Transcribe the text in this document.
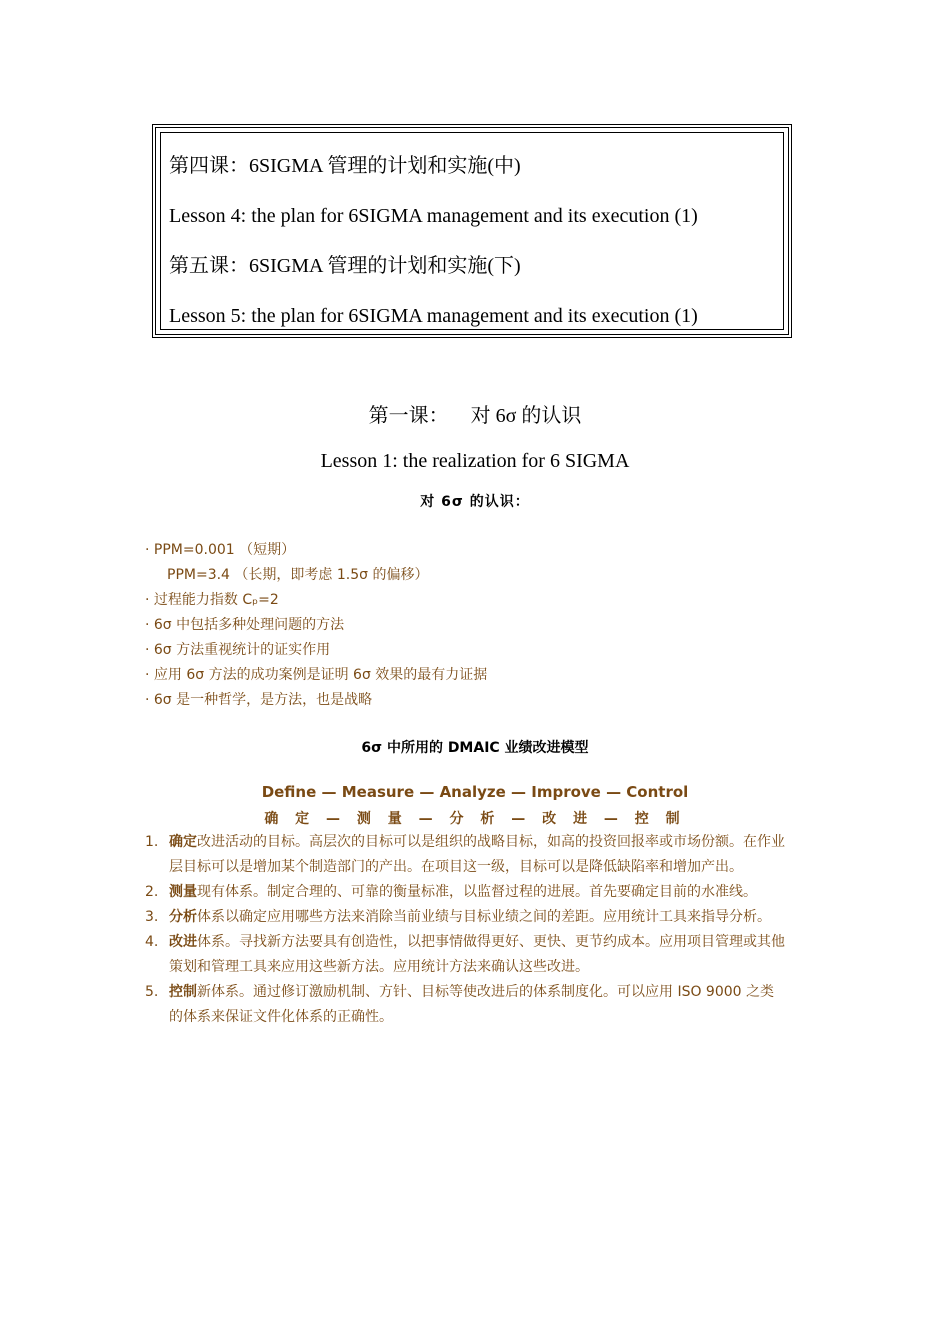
第四课：6SIGMA 管理的计划和实施(中)
Lesson 4: the plan for 6SIGMA management and its execution (1)
第五课：6SIGMA 管理的计划和实施(下)
Lesson 5: the plan for 6SIGMA management and its execution (1)
第一课： 对 6σ 的认识
Lesson 1: the realization for 6 SIGMA
对 6σ 的认识：
· PPM=0.001 （短期）
PPM=3.4 （长期，即考虑 1.5σ 的偏移）
· 过程能力指数 Cₚ=2
· 6σ 中包括多种处理问题的方法
· 6σ 方法重视统计的证实作用
· 应用 6σ 方法的成功案例是证明 6σ 效果的最有力证据
· 6σ 是一种哲学，是方法，也是战略
6σ 中所用的 DMAIC 业绩改进模型
Define — Measure — Analyze — Improve — Control
确 定 — 测 量 — 分 析 — 改 进 — 控 制
1. 确定改进活动的目标。高层次的目标可以是组织的战略目标，如高的投资回报率或市场份额。在作业层目标可以是增加某个制造部门的产出。在项目这一级，目标可以是降低缺陷率和增加产出。
2. 测量现有体系。制定合理的、可靠的衡量标准，以监督过程的进展。首先要确定目前的水准线。
3. 分析体系以确定应用哪些方法来消除当前业绩与目标业绩之间的差距。应用统计工具来指导分析。
4. 改进体系。寻找新方法要具有创造性，以把事情做得更好、更快、更节约成本。应用项目管理或其他策划和管理工具来应用这些新方法。应用统计方法来确认这些改进。
5. 控制新体系。通过修订激励机制、方针、目标等使改进后的体系制度化。可以应用 ISO 9000 之类的体系来保证文件化体系的正确性。
